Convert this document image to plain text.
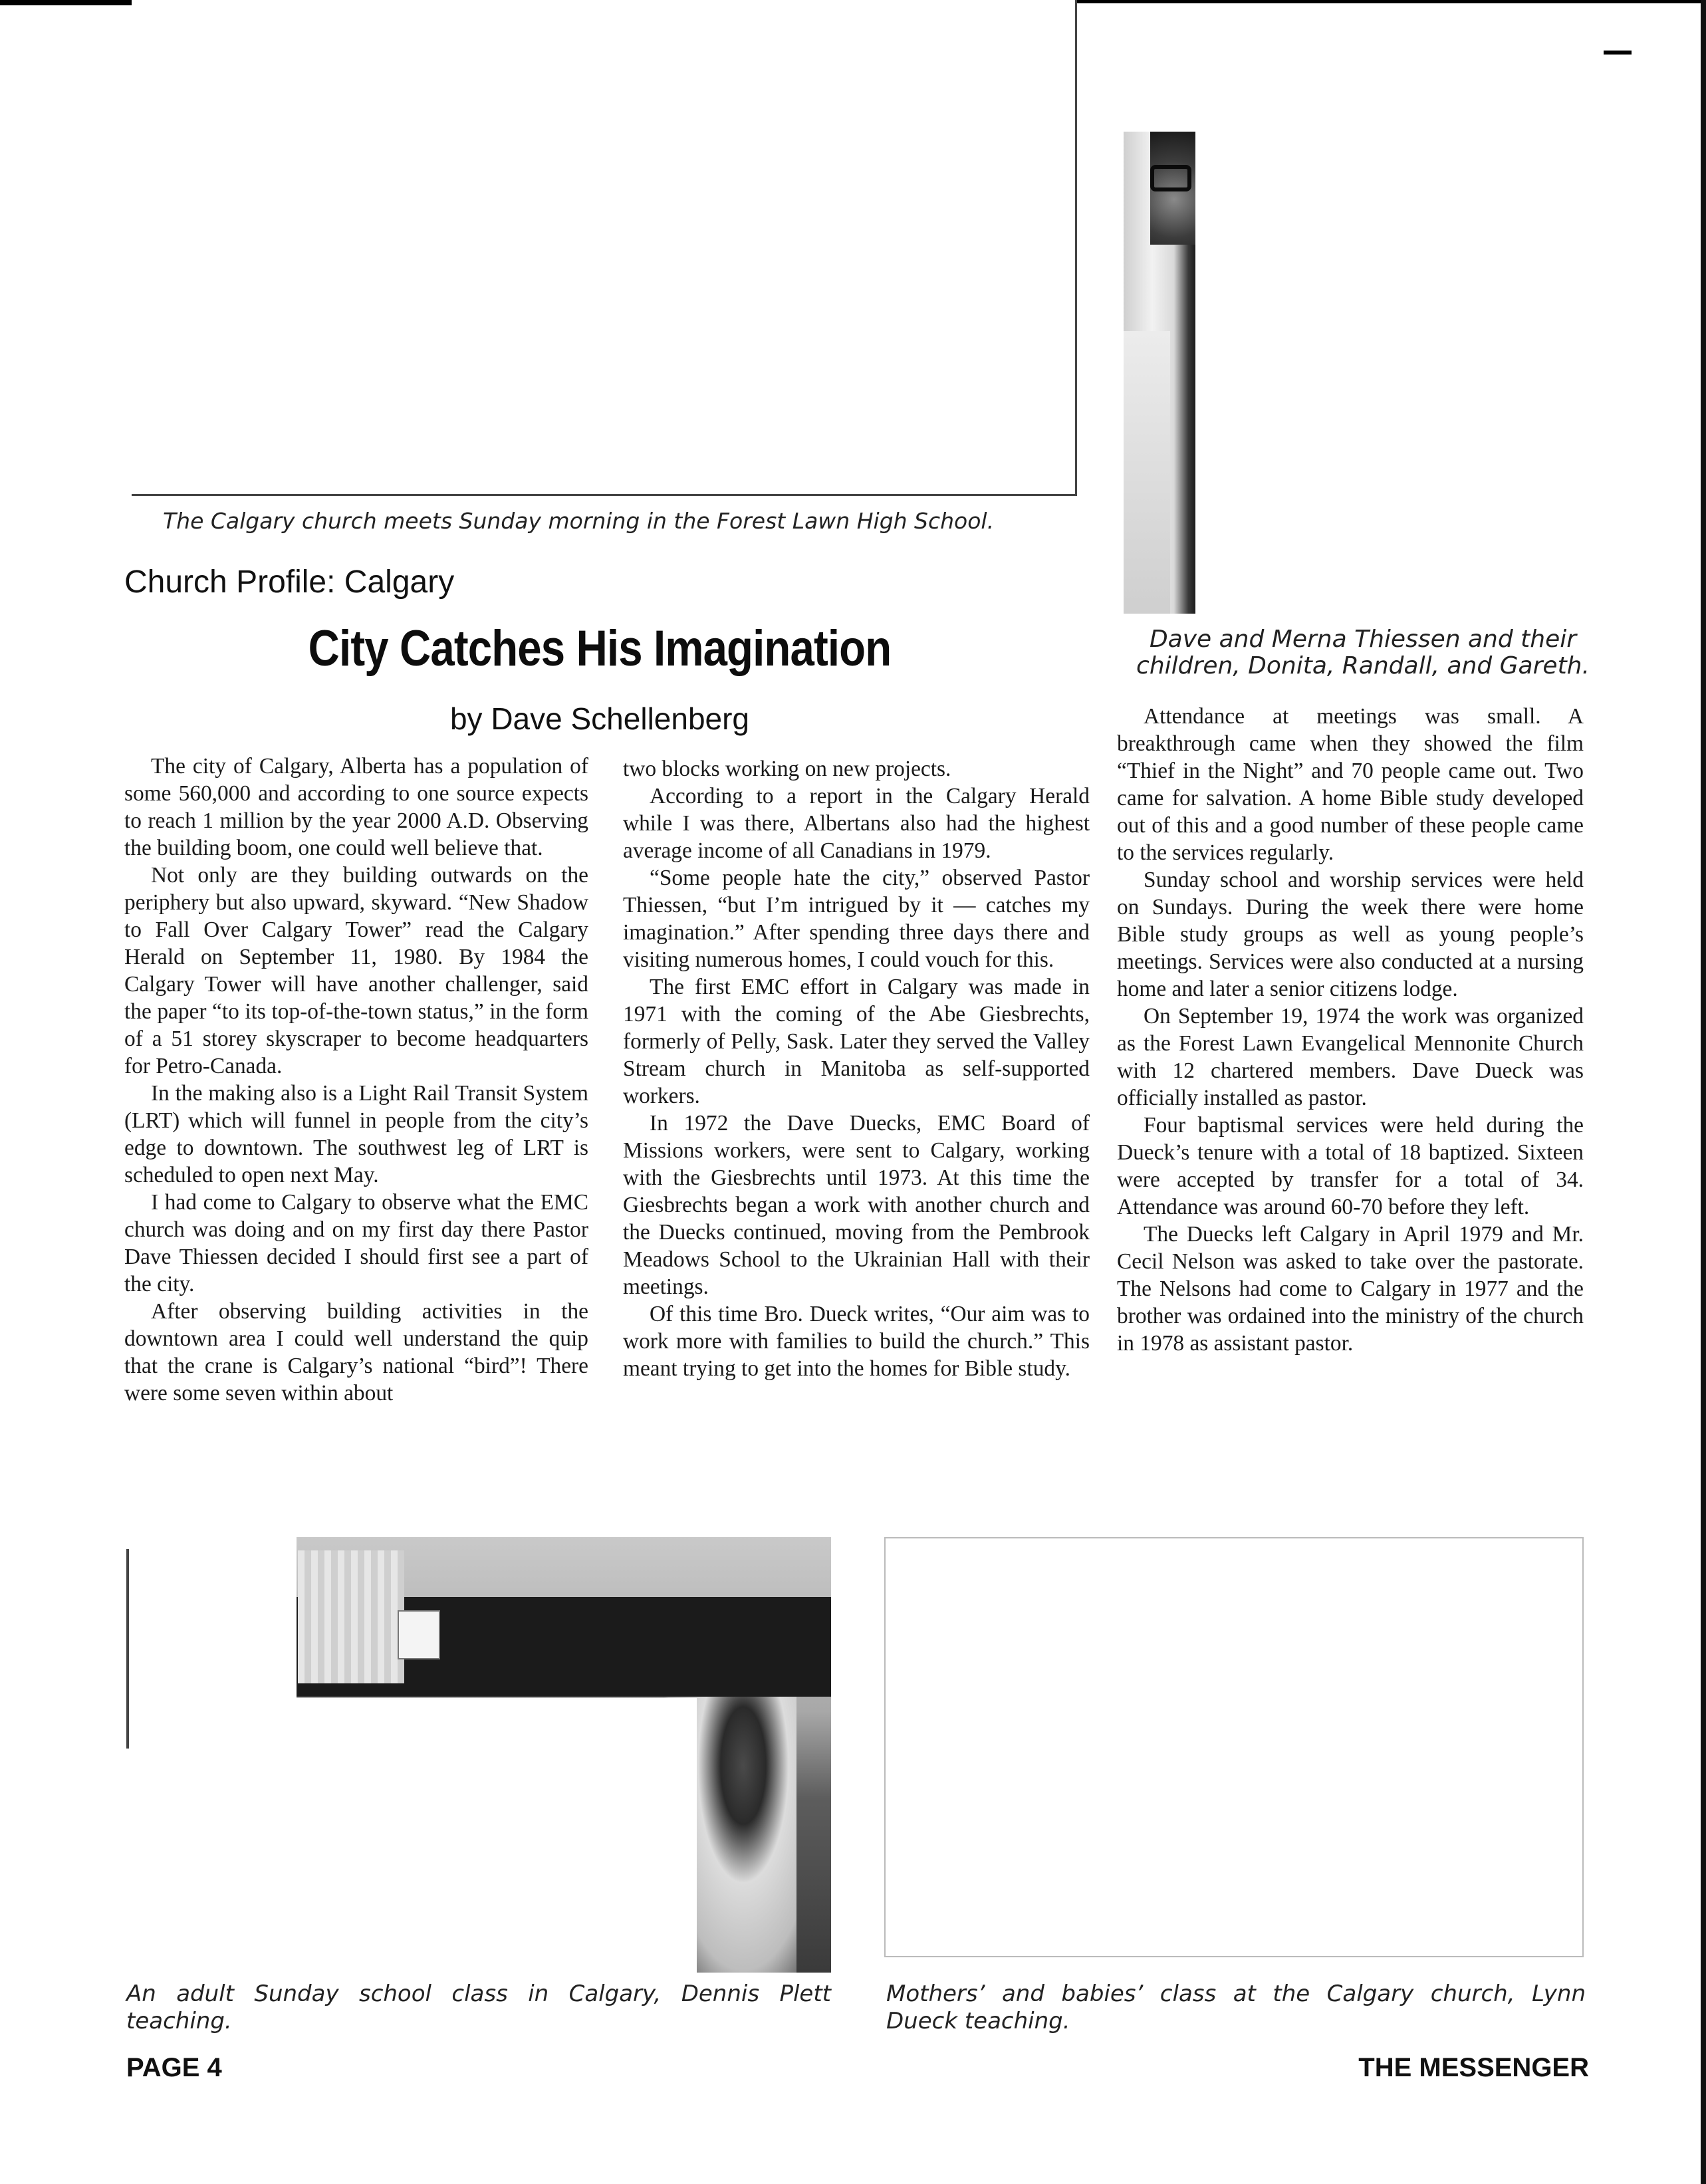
The Calgary church meets Sunday morning in the Forest Lawn High School.
Dave and Merna Thiessen and their
children, Donita, Randall, and Gareth.
Church Profile: Calgary
City Catches His Imagination
by Dave Schellenberg

The city of Calgary, Alberta has a population of some 560,000 and according to one source expects to reach 1 million by the year 2000 A.D. Observing the building boom, one could well believe that.

Not only are they building outwards on the periphery but also upward, skyward. “New Shadow to Fall Over Calgary Tower” read the Calgary Herald on September 11, 1980. By 1984 the Calgary Tower will have another challenger, said the paper “to its top-of-the-town status,” in the form of a 51 storey skyscraper to become headquarters for Petro-Canada.

In the making also is a Light Rail Transit System (LRT) which will funnel in people from the city’s edge to downtown. The southwest leg of LRT is scheduled to open next May.

I had come to Calgary to observe what the EMC church was doing and on my first day there Pastor Dave Thiessen decided I should first see a part of the city.

After observing building activities in the downtown area I could well understand the quip that the crane is Calgary’s national “bird”! There were some seven within about

two blocks working on new projects.

According to a report in the Calgary Herald while I was there, Albertans also had the highest average income of all Canadians in 1979.

“Some people hate the city,” observed Pastor Thiessen, “but I’m intrigued by it — catches my imagination.” After spending three days there and visiting numerous homes, I could vouch for this.

The first EMC effort in Calgary was made in 1971 with the coming of the Abe Giesbrechts, formerly of Pelly, Sask. Later they served the Valley Stream church in Manitoba as self-supported workers.

In 1972 the Dave Duecks, EMC Board of Missions workers, were sent to Calgary, working with the Giesbrechts until 1973. At this time the Giesbrechts began a work with another church and the Duecks continued, moving from the Pembrook Meadows School to the Ukrainian Hall with their meetings.

Of this time Bro. Dueck writes, “Our aim was to work more with families to build the church.” This meant trying to get into the homes for Bible study.

Attendance at meetings was small. A breakthrough came when they showed the film “Thief in the Night” and 70 people came out. Two came for salvation. A home Bible study developed out of this and a good number of these people came to the services regularly.

Sunday school and worship services were held on Sundays. During the week there were home Bible study groups as well as young people’s meetings. Services were also conducted at a nursing home and later a senior citizens lodge.

On September 19, 1974 the work was organized as the Forest Lawn Evangelical Mennonite Church with 12 chartered members. Dave Dueck was officially installed as pastor.

Four baptismal services were held during the Dueck’s tenure with a total of 18 baptized. Sixteen were accepted by transfer for a total of 34. Attendance was around 60-70 before they left.

The Duecks left Calgary in April 1979 and Mr. Cecil Nelson was asked to take over the pastorate. The Nelsons had come to Calgary in 1977 and the brother was ordained into the ministry of the church in 1978 as assistant pastor.

An adult Sunday school class in Calgary, Dennis Plett teaching.
Mothers’ and babies’ class at the Calgary church, Lynn Dueck teaching.
PAGE 4	THE MESSENGER
